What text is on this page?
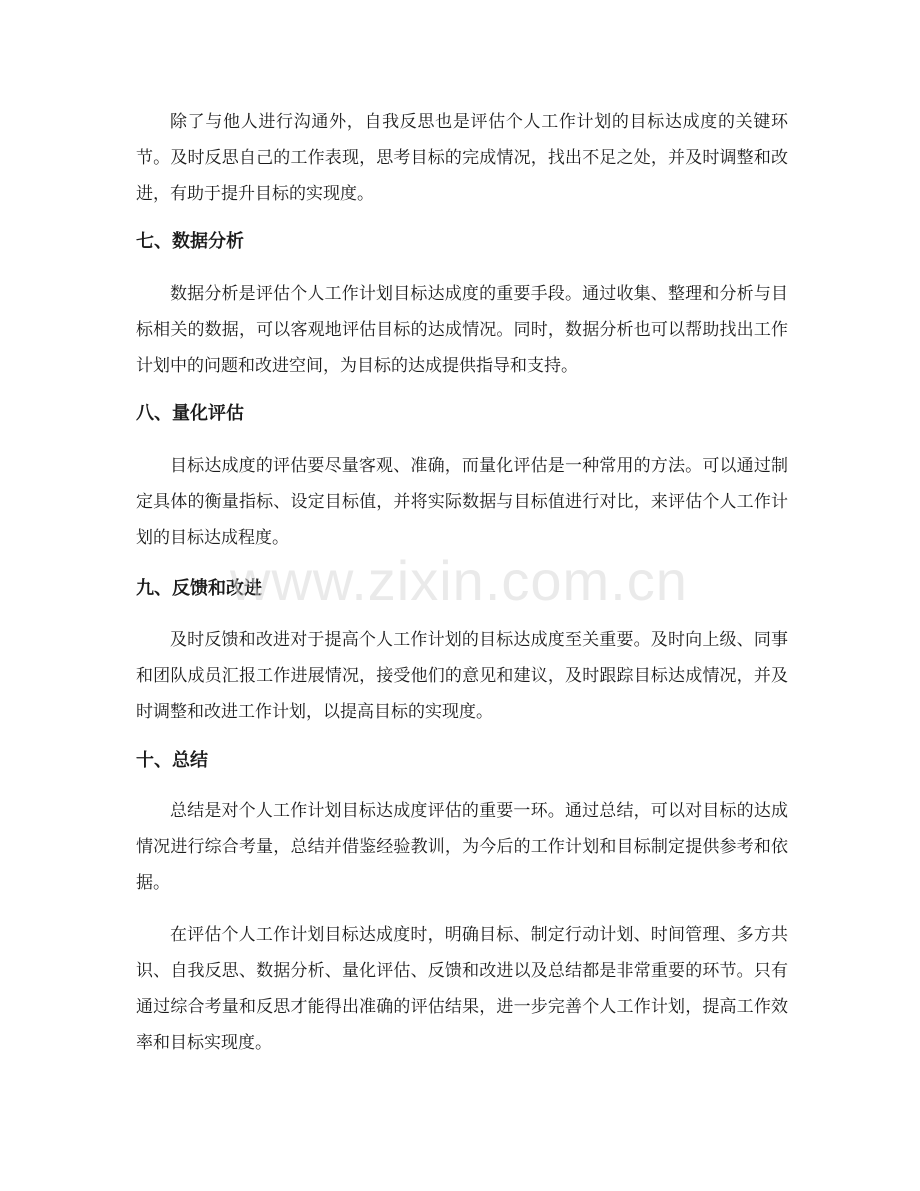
除了与他人进行沟通外，自我反思也是评估个人工作计划的目标达成度的关键环节。及时反思自己的工作表现，思考目标的完成情况，找出不足之处，并及时调整和改进，有助于提升目标的实现度。

七、数据分析

数据分析是评估个人工作计划目标达成度的重要手段。通过收集、整理和分析与目标相关的数据，可以客观地评估目标的达成情况。同时，数据分析也可以帮助找出工作计划中的问题和改进空间，为目标的达成提供指导和支持。

八、量化评估

目标达成度的评估要尽量客观、准确，而量化评估是一种常用的方法。可以通过制定具体的衡量指标、设定目标值，并将实际数据与目标值进行对比，来评估个人工作计划的目标达成程度。

九、反馈和改进

及时反馈和改进对于提高个人工作计划的目标达成度至关重要。及时向上级、同事和团队成员汇报工作进展情况，接受他们的意见和建议，及时跟踪目标达成情况，并及时调整和改进工作计划，以提高目标的实现度。

十、总结

总结是对个人工作计划目标达成度评估的重要一环。通过总结，可以对目标的达成情况进行综合考量，总结并借鉴经验教训，为今后的工作计划和目标制定提供参考和依据。

在评估个人工作计划目标达成度时，明确目标、制定行动计划、时间管理、多方共识、自我反思、数据分析、量化评估、反馈和改进以及总结都是非常重要的环节。只有通过综合考量和反思才能得出准确的评估结果，进一步完善个人工作计划，提高工作效率和目标实现度。

www.zixin.com.cn
